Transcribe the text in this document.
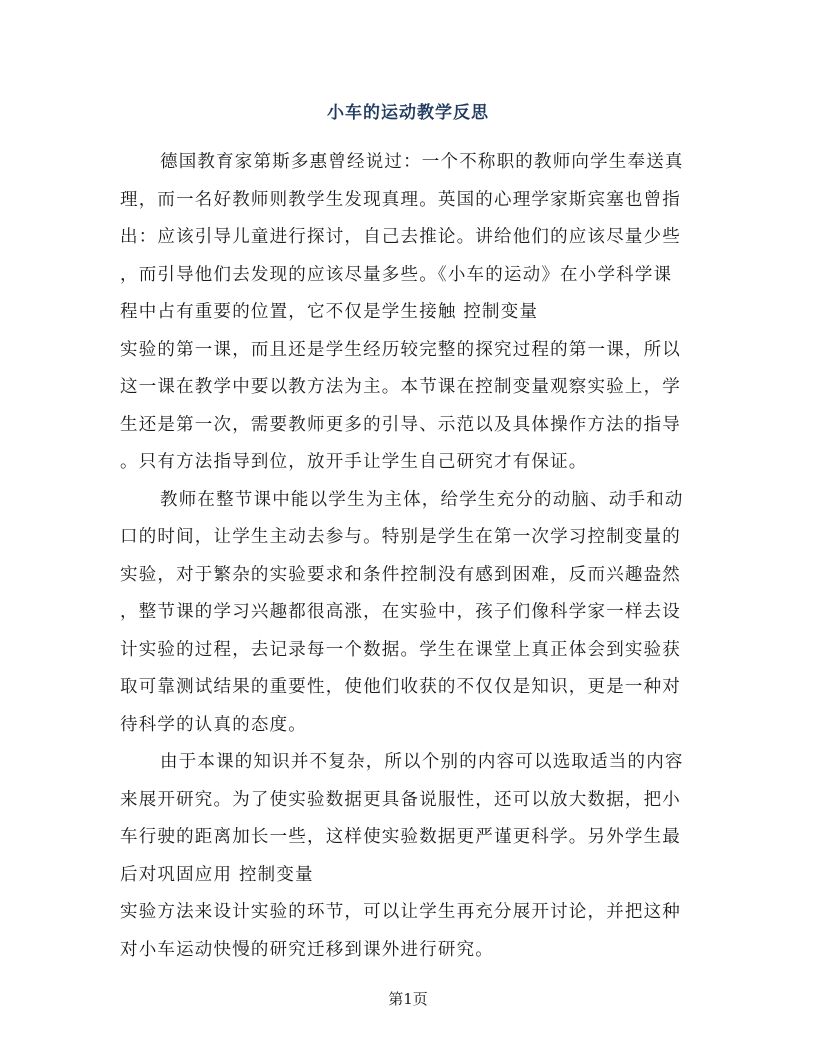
小车的运动教学反思
德国教育家第斯多惠曾经说过：一个不称职的教师向学生奉送真
理，而一名好教师则教学生发现真理。英国的心理学家斯宾塞也曾指
出：应该引导儿童进行探讨，自己去推论。讲给他们的应该尽量少些
，而引导他们去发现的应该尽量多些。《小车的运动》在小学科学课
程中占有重要的位置，它不仅是学生接触 控制变量
实验的第一课，而且还是学生经历较完整的探究过程的第一课，所以
这一课在教学中要以教方法为主。本节课在控制变量观察实验上，学
生还是第一次，需要教师更多的引导、示范以及具体操作方法的指导
。只有方法指导到位，放开手让学生自己研究才有保证。
教师在整节课中能以学生为主体，给学生充分的动脑、动手和动
口的时间，让学生主动去参与。特别是学生在第一次学习控制变量的
实验，对于繁杂的实验要求和条件控制没有感到困难，反而兴趣盎然
，整节课的学习兴趣都很高涨，在实验中，孩子们像科学家一样去设
计实验的过程，去记录每一个数据。学生在课堂上真正体会到实验获
取可靠测试结果的重要性，使他们收获的不仅仅是知识，更是一种对
待科学的认真的态度。
由于本课的知识并不复杂，所以个别的内容可以选取适当的内容
来展开研究。为了使实验数据更具备说服性，还可以放大数据，把小
车行驶的距离加长一些，这样使实验数据更严谨更科学。另外学生最
后对巩固应用 控制变量
实验方法来设计实验的环节，可以让学生再充分展开讨论，并把这种
对小车运动快慢的研究迁移到课外进行研究。
第1页
